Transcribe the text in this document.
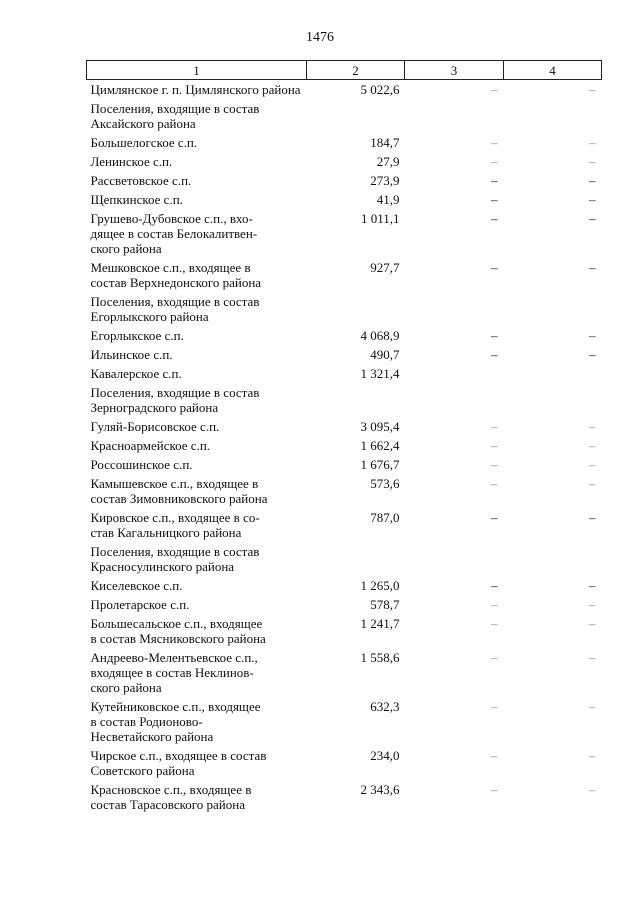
1476
1	2	3	4
Цимлянское г. п. Цимлянского района	5 022,6	–	–
Поселения, входящие в состав Аксайского района			
Большелогское с.п.	184,7	–	–
Ленинское с.п.	27,9	–	–
Рассветовское с.п.	273,9	–	–
Щепкинское с.п.	41,9	–	–
Грушево-Дубовское с.п., вхо-
дящее в состав Белокалитвен-
ского района	1 011,1	–	–
Мешковское с.п., входящее в
состав Верхнедонского района	927,7	–	–
Поселения, входящие в состав Егорлыкского района			
Егорлыкское с.п.	4 068,9	–	–
Ильинское с.п.	490,7	–	–
Кавалерское с.п.	1 321,4		
Поселения, входящие в состав Зерноградского района			
Гуляй-Борисовское с.п.	3 095,4	–	–
Красноармейское с.п.	1 662,4	–	–
Россошинское с.п.	1 676,7	–	–
Камышевское с.п., входящее в
состав Зимовниковского района	573,6	–	–
Кировское с.п., входящее в со-
став Кагальницкого района	787,0	–	–
Поселения, входящие в состав Красносулинского района			
Киселевское с.п.	1 265,0	–	–
Пролетарское с.п.	578,7	–	–
Большесальское с.п., входящее
в состав Мясниковского района	1 241,7	–	–
Андреево-Мелентьевское с.п.,
входящее в состав Неклинов-
ского района	1 558,6	–	–
Кутейниковское с.п., входящее
в состав Родионово-
Несветайского района	632,3	–	–
Чирское с.п., входящее в состав
Советского района	234,0	–	–
Красновское с.п., входящее в
состав Тарасовского района	2 343,6	–	–
